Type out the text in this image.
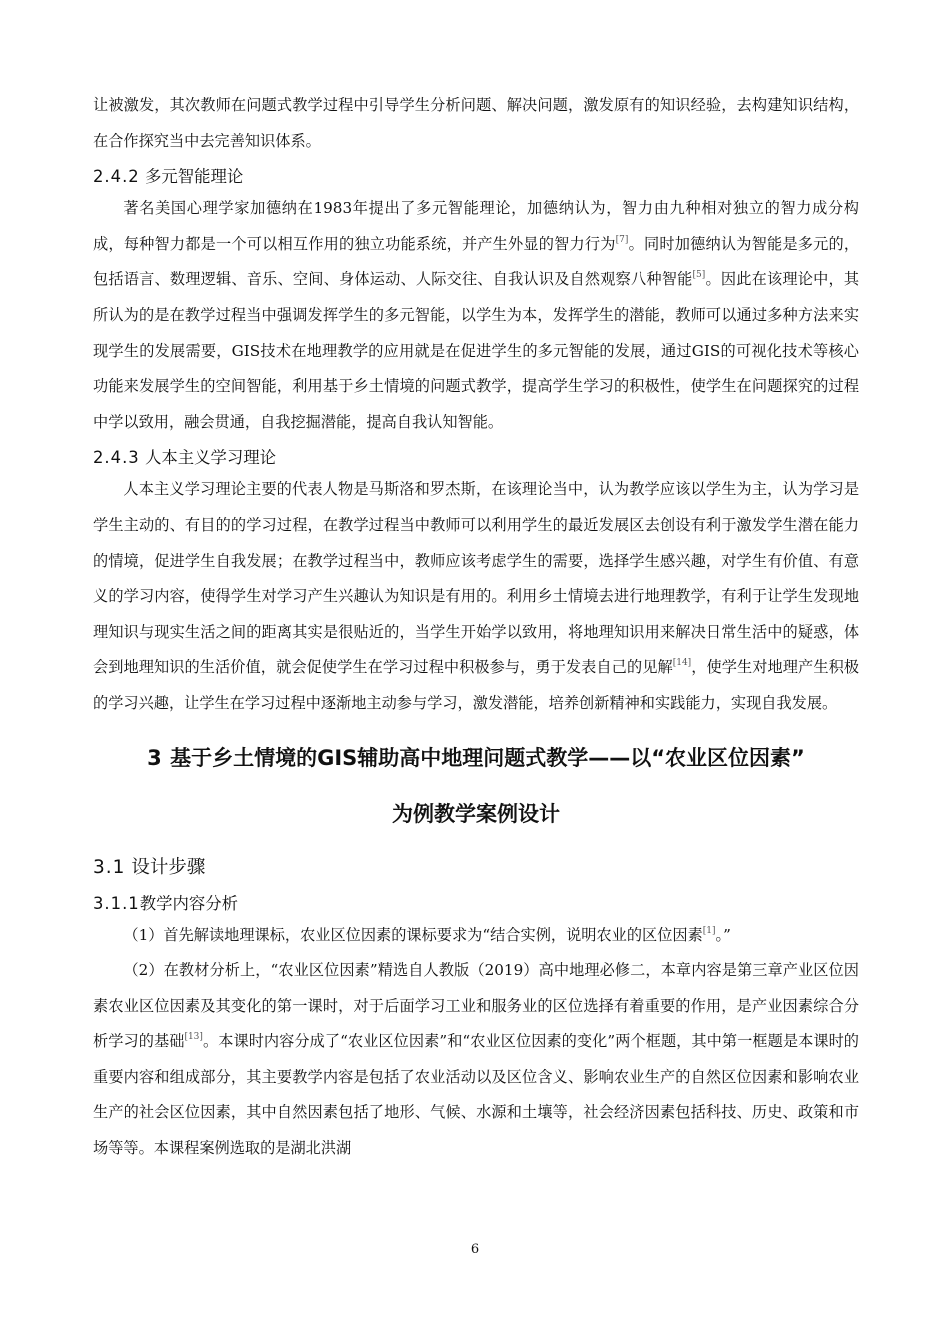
让被激发，其次教师在问题式教学过程中引导学生分析问题、解决问题，激发原有的知识经验，去构建知识结构，在合作探究当中去完善知识体系。

2.4.2 多元智能理论

著名美国心理学家加德纳在1983年提出了多元智能理论，加德纳认为，智力由九种相对独立的智力成分构成，每种智力都是一个可以相互作用的独立功能系统，并产生外显的智力行为[7]。同时加德纳认为智能是多元的，包括语言、数理逻辑、音乐、空间、身体运动、人际交往、自我认识及自然观察八种智能[5]。因此在该理论中，其所认为的是在教学过程当中强调发挥学生的多元智能，以学生为本，发挥学生的潜能，教师可以通过多种方法来实现学生的发展需要，GIS技术在地理教学的应用就是在促进学生的多元智能的发展，通过GIS的可视化技术等核心功能来发展学生的空间智能，利用基于乡土情境的问题式教学，提高学生学习的积极性，使学生在问题探究的过程中学以致用，融会贯通，自我挖掘潜能，提高自我认知智能。

2.4.3 人本主义学习理论

人本主义学习理论主要的代表人物是马斯洛和罗杰斯，在该理论当中，认为教学应该以学生为主，认为学习是学生主动的、有目的的学习过程，在教学过程当中教师可以利用学生的最近发展区去创设有利于激发学生潜在能力的情境，促进学生自我发展；在教学过程当中，教师应该考虑学生的需要，选择学生感兴趣，对学生有价值、有意义的学习内容，使得学生对学习产生兴趣认为知识是有用的。利用乡土情境去进行地理教学，有利于让学生发现地理知识与现实生活之间的距离其实是很贴近的，当学生开始学以致用，将地理知识用来解决日常生活中的疑惑，体会到地理知识的生活价值，就会促使学生在学习过程中积极参与，勇于发表自己的见解[14]，使学生对地理产生积极的学习兴趣，让学生在学习过程中逐渐地主动参与学习，激发潜能，培养创新精神和实践能力，实现自我发展。

3 基于乡土情境的GIS辅助高中地理问题式教学——以“农业区位因素”
为例教学案例设计
3.1 设计步骤
3.1.1教学内容分析

（1）首先解读地理课标，农业区位因素的课标要求为“结合实例，说明农业的区位因素[1]。”

（2）在教材分析上，“农业区位因素”精选自人教版（2019）高中地理必修二，本章内容是第三章产业区位因素农业区位因素及其变化的第一课时，对于后面学习工业和服务业的区位选择有着重要的作用，是产业因素综合分析学习的基础[13]。本课时内容分成了“农业区位因素”和“农业区位因素的变化”两个框题，其中第一框题是本课时的重要内容和组成部分，其主要教学内容是包括了农业活动以及区位含义、影响农业生产的自然区位因素和影响农业生产的社会区位因素，其中自然因素包括了地形、气候、水源和土壤等，社会经济因素包括科技、历史、政策和市场等等。本课程案例选取的是湖北洪湖

6
